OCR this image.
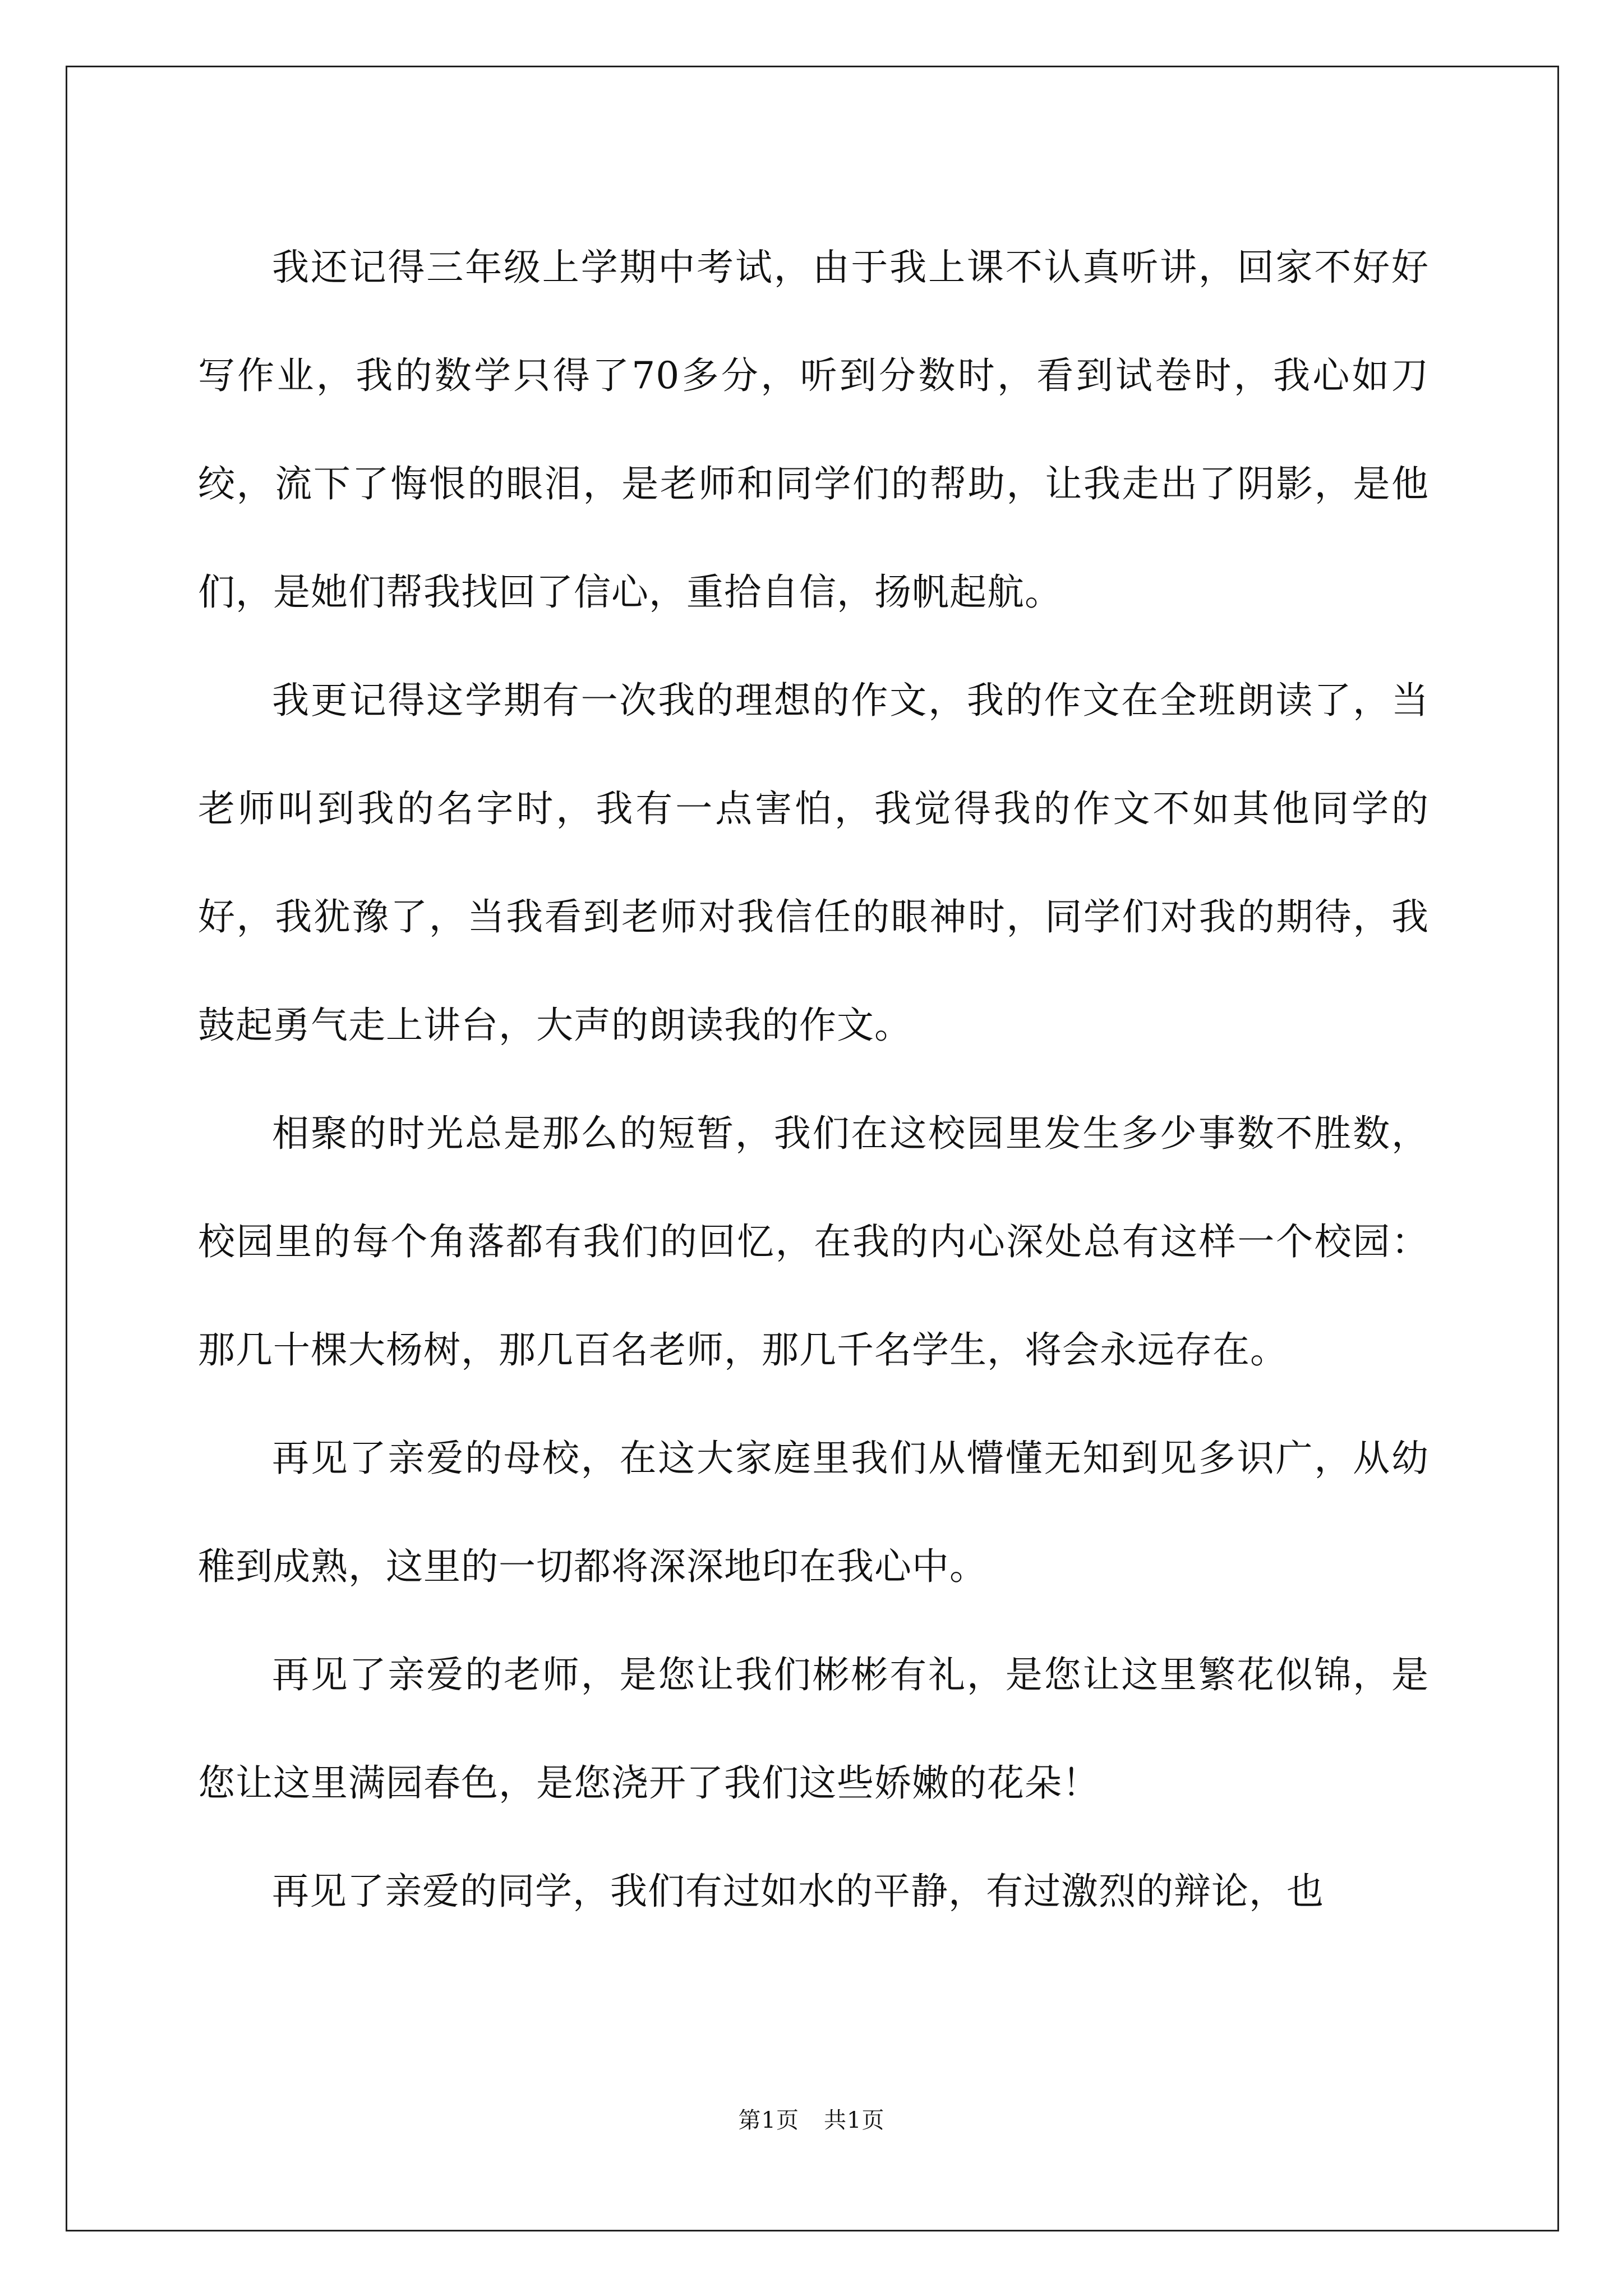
我还记得三年级上学期中考试，由于我上课不认真听讲，回家不好好写作业，我的数学只得了70多分，听到分数时，看到试卷时，我心如刀绞，流下了悔恨的眼泪，是老师和同学们的帮助，让我走出了阴影，是他们，是她们帮我找回了信心，重拾自信，扬帆起航。

我更记得这学期有一次我的理想的作文，我的作文在全班朗读了，当老师叫到我的名字时，我有一点害怕，我觉得我的作文不如其他同学的好，我犹豫了，当我看到老师对我信任的眼神时，同学们对我的期待，我鼓起勇气走上讲台，大声的朗读我的作文。

相聚的时光总是那么的短暂，我们在这校园里发生多少事数不胜数，校园里的每个角落都有我们的回忆，在我的内心深处总有这样一个校园：那几十棵大杨树，那几百名老师，那几千名学生，将会永远存在。

再见了亲爱的母校，在这大家庭里我们从懵懂无知到见多识广，从幼稚到成熟，这里的一切都将深深地印在我心中。

再见了亲爱的老师，是您让我们彬彬有礼，是您让这里繁花似锦，是您让这里满园春色，是您浇开了我们这些娇嫩的花朵！

再见了亲爱的同学，我们有过如水的平静，有过激烈的辩论，也

第1页 共1页
